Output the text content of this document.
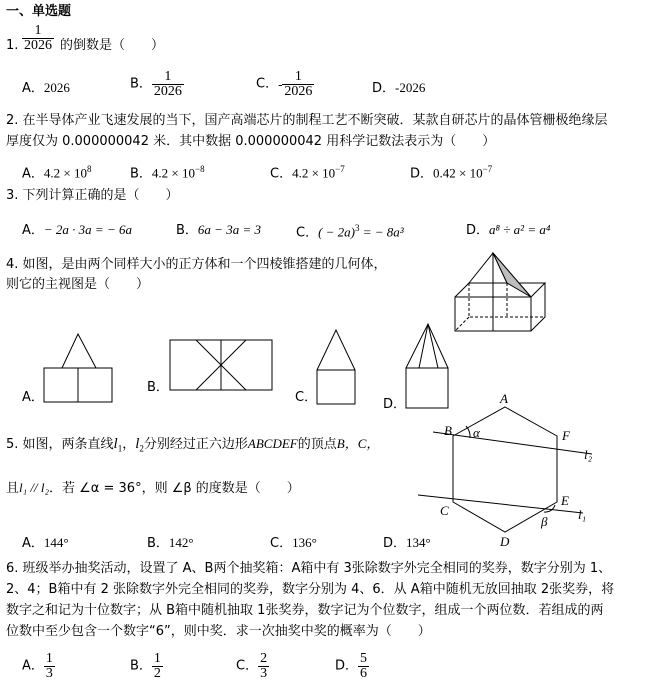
一、单选题
1. $\frac{1}{2026}$ 的倒数是（　　）
A．2026	B． $\frac{1}{2026}$	C．- $\frac{1}{2026}$	D．-2026
2. 在半导体产业飞速发展的当下，国产高端芯片的制程工艺不断突破．某款自研芯片的晶体管栅极绝缘层
厚度仅为 0.000000042 米．其中数据 0.000000042 用科学记数法表示为（　　）
A．$4.2 \times 10^8$	B．$4.2 \times 10^{-8}$	C．$4.2 \times 10^{-7}$	D．$0.42 \times 10^{-7}$
3. 下列计算正确的是（　　）
A．− 2a · 3a = − 6a	B．6a − 3a = 3	C．( − 2a)$^3$ = − 8a³	D．a⁸ ÷ a² = a⁴
4. 如图，是由两个同样大小的正方体和一个四棱锥搭建的几何体，
则它的主视图是（　　）
A．
B．
C．	D．
5. 如图，两条直线$l_1$，$l_2$分别经过正六边形ABCDEF的顶点B，C，
且l₁ // l₂．若 ∠α = 36°，则 ∠β 的度数是（　　）
A．144°	B．142°	C．136°	D．134°
A
B
C
D
E
F
α
β
l₂
l₁
6. 班级举办抽奖活动，设置了 A、B两个抽奖箱：A箱中有 3张除数字外完全相同的奖券，数字分别为 1、
2、4；B箱中有 2 张除数字外完全相同的奖券，数字分别为 4、6．从 A箱中随机无放回抽取 2张奖券，将
数字之和记为十位数字；从 B箱中随机抽取 1张奖券，数字记为个位数字，组成一个两位数．若组成的两
位数中至少包含一个数字“6”，则中奖．求一次抽奖中奖的概率为（　　）
A． $\frac{1}{3}$	B． $\frac{1}{2}$	C． $\frac{2}{3}$	D． $\frac{5}{6}$
